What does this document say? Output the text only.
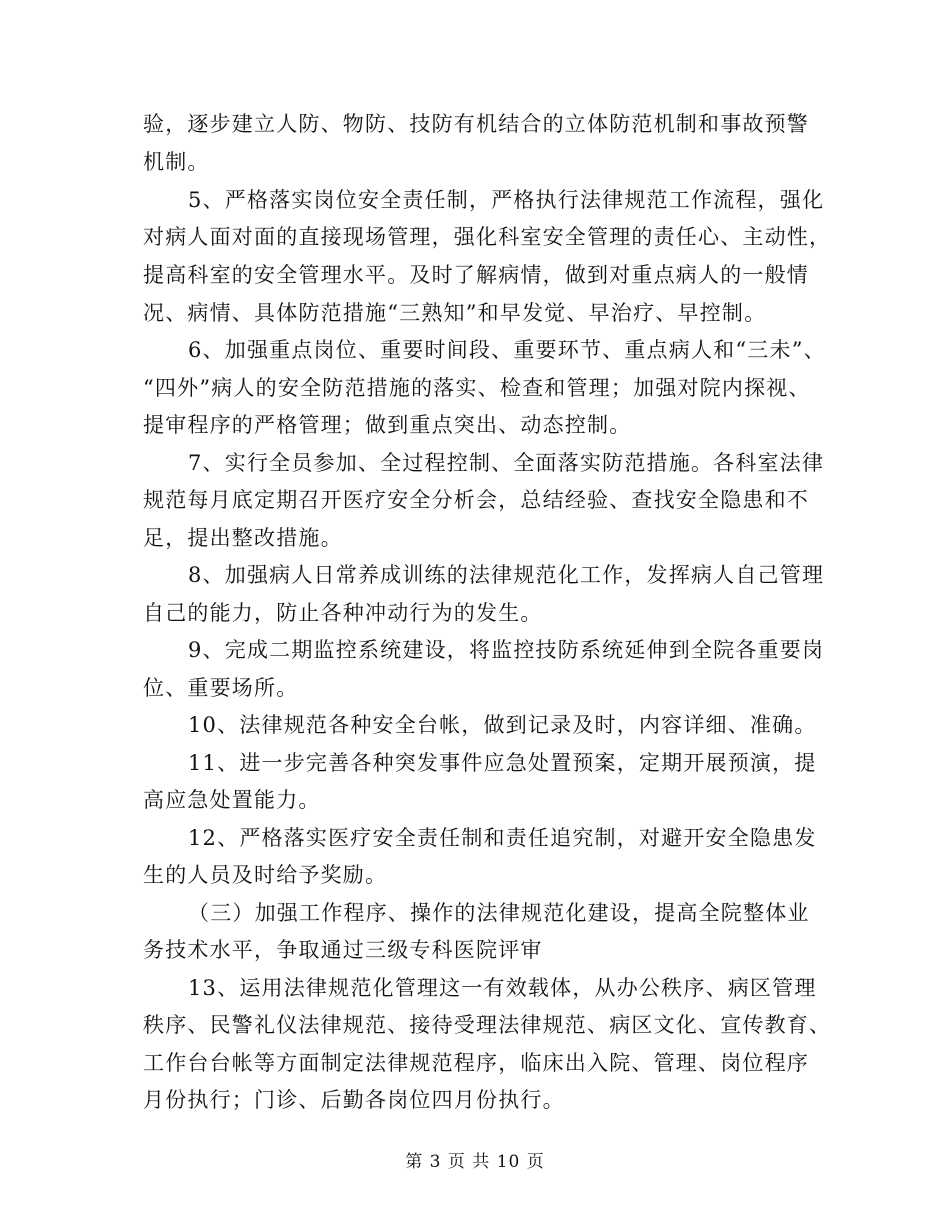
验，逐步建立人防、物防、技防有机结合的立体防范机制和事故预警
机制。
5、严格落实岗位安全责任制，严格执行法律规范工作流程，强化
对病人面对面的直接现场管理，强化科室安全管理的责任心、主动性，
提高科室的安全管理水平。及时了解病情，做到对重点病人的一般情
况、病情、具体防范措施“三熟知”和早发觉、早治疗、早控制。
6、加强重点岗位、重要时间段、重要环节、重点病人和“三未”、
“四外”病人的安全防范措施的落实、检查和管理；加强对院内探视、
提审程序的严格管理；做到重点突出、动态控制。
7、实行全员参加、全过程控制、全面落实防范措施。各科室法律
规范每月底定期召开医疗安全分析会，总结经验、查找安全隐患和不
足，提出整改措施。
8、加强病人日常养成训练的法律规范化工作，发挥病人自己管理
自己的能力，防止各种冲动行为的发生。
9、完成二期监控系统建设，将监控技防系统延伸到全院各重要岗
位、重要场所。
10、法律规范各种安全台帐，做到记录及时，内容详细、准确。
11、进一步完善各种突发事件应急处置预案，定期开展预演，提
高应急处置能力。
12、严格落实医疗安全责任制和责任追究制，对避开安全隐患发
生的人员及时给予奖励。
（三）加强工作程序、操作的法律规范化建设，提高全院整体业
务技术水平，争取通过三级专科医院评审
13、运用法律规范化管理这一有效载体，从办公秩序、病区管理
秩序、民警礼仪法律规范、接待受理法律规范、病区文化、宣传教育、
工作台台帐等方面制定法律规范程序，临床出入院、管理、岗位程序
月份执行；门诊、后勤各岗位四月份执行。
第 3 页 共 10 页
